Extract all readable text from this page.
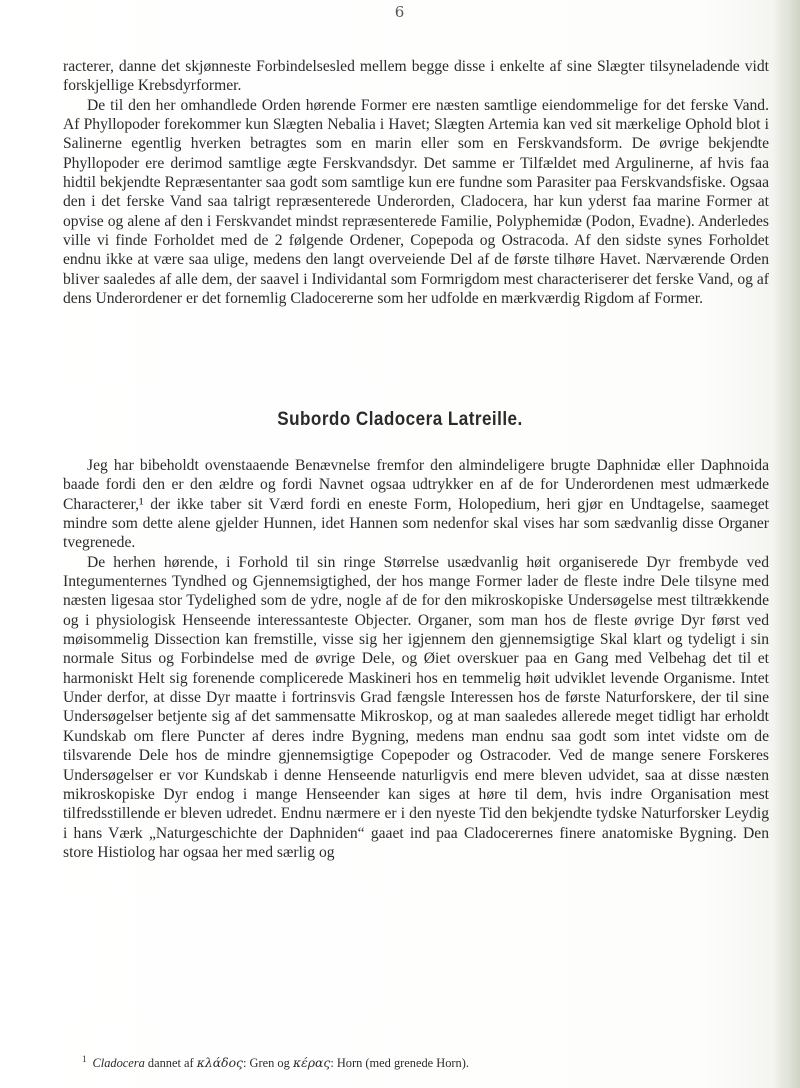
6

racterer, danne det skjønneste Forbindelsesled mellem begge disse i enkelte af sine Slægter tilsyneladende vidt forskjellige Krebsdyrformer.

De til den her omhandlede Orden hørende Former ere næsten samtlige eiendommelige for det ferske Vand. Af Phyllopoder forekommer kun Slægten Nebalia i Havet; Slægten Artemia kan ved sit mærkelige Ophold blot i Salinerne egentlig hverken betragtes som en marin eller som en Ferskvandsform. De øvrige bekjendte Phyllopoder ere derimod samtlige ægte Ferskvandsdyr. Det samme er Tilfældet med Argulinerne, af hvis faa hidtil bekjendte Repræsentanter saa godt som samtlige kun ere fundne som Parasiter paa Ferskvandsfiske. Ogsaa den i det ferske Vand saa talrigt repræsenterede Underorden, Cladocera, har kun yderst faa marine Former at opvise og alene af den i Ferskvandet mindst repræsenterede Familie, Polyphemidæ (Podon, Evadne). Anderledes ville vi finde Forholdet med de 2 følgende Ordener, Copepoda og Ostracoda. Af den sidste synes Forholdet endnu ikke at være saa ulige, medens den langt overveiende Del af de første tilhøre Havet. Nærværende Orden bliver saaledes af alle dem, der saavel i Individantal som Formrigdom mest characteriserer det ferske Vand, og af dens Underordener er det fornemlig Cladocererne som her udfolde en mærkværdig Rigdom af Former.

Subordo Cladocera Latreille.

Jeg har bibeholdt ovenstaaende Benævnelse fremfor den almindeligere brugte Daphnidæ eller Daphnoida baade fordi den er den ældre og fordi Navnet ogsaa udtrykker en af de for Underordenen mest udmærkede Characterer,¹ der ikke taber sit Værd fordi en eneste Form, Holopedium, heri gjør en Undtagelse, saameget mindre som dette alene gjelder Hunnen, idet Hannen som nedenfor skal vises har som sædvanlig disse Organer tvegrenede.

De herhen hørende, i Forhold til sin ringe Størrelse usædvanlig høit organiserede Dyr frembyde ved Integumenternes Tyndhed og Gjennemsigtighed, der hos mange Former lader de fleste indre Dele tilsyne med næsten ligesaa stor Tydelighed som de ydre, nogle af de for den mikroskopiske Undersøgelse mest tiltrækkende og i physiologisk Henseende interessanteste Objecter. Organer, som man hos de fleste øvrige Dyr først ved møisommelig Dissection kan fremstille, visse sig her igjennem den gjennemsigtige Skal klart og tydeligt i sin normale Situs og Forbindelse med de øvrige Dele, og Øiet overskuer paa en Gang med Velbehag det til et harmoniskt Helt sig forenende complicerede Maskineri hos en temmelig høit udviklet levende Organisme. Intet Under derfor, at disse Dyr maatte i fortrinsvis Grad fængsle Interessen hos de første Naturforskere, der til sine Undersøgelser betjente sig af det sammensatte Mikroskop, og at man saaledes allerede meget tidligt har erholdt Kundskab om flere Puncter af deres indre Bygning, medens man endnu saa godt som intet vidste om de tilsvarende Dele hos de mindre gjennemsigtige Copepoder og Ostracoder. Ved de mange senere Forskeres Undersøgelser er vor Kundskab i denne Henseende naturligvis end mere bleven udvidet, saa at disse næsten mikroskopiske Dyr endog i mange Henseender kan siges at høre til dem, hvis indre Organisation mest tilfredsstillende er bleven udredet. Endnu nærmere er i den nyeste Tid den bekjendte tydske Naturforsker Leydig i hans Værk „Naturgeschichte der Daphniden“ gaaet ind paa Cladocerernes finere anatomiske Bygning. Den store Histiolog har ogsaa her med særlig og

$^1$ Cladocera dannet af κλάδος: Gren og κέρας: Horn (med grenede Horn).
